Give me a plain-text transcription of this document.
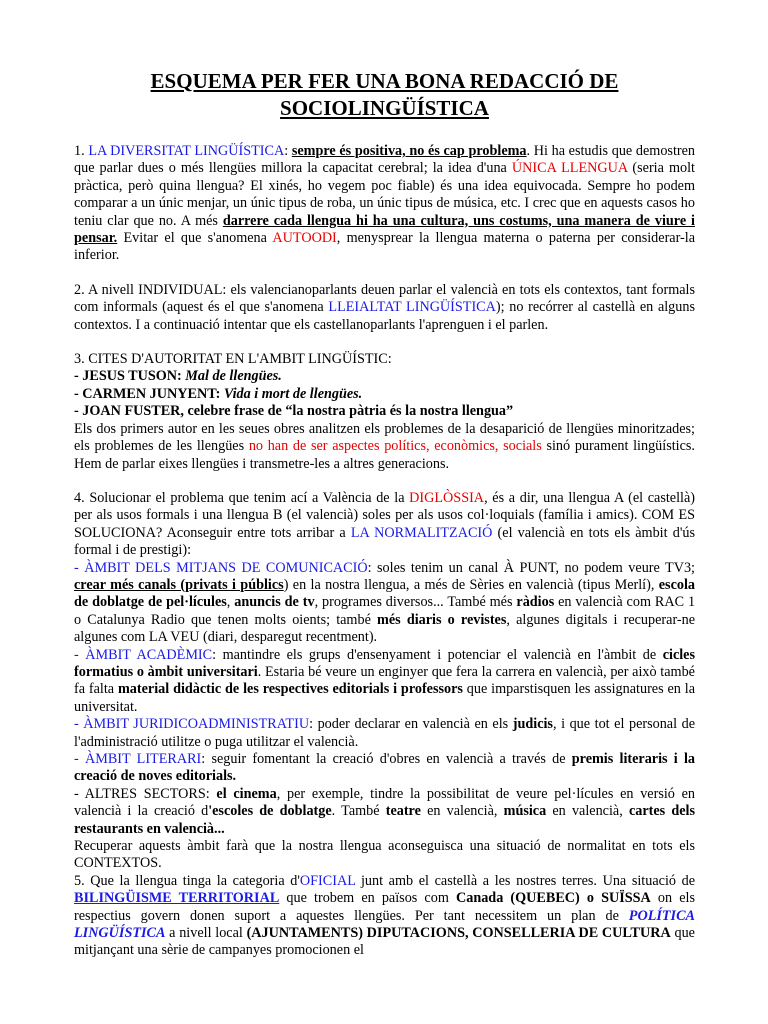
ESQUEMA PER FER UNA BONA REDACCIÓ DE
SOCIOLINGÜÍSTICA

1. LA DIVERSITAT LINGÜÍSTICA: sempre és positiva, no és cap problema. Hi ha estudis que demostren que parlar dues o més llengües millora la capacitat cerebral; la idea d'una ÚNICA LLENGUA (seria molt pràctica, però quina llengua? El xinés, ho vegem poc fiable) és una idea equivocada. Sempre ho podem comparar a un únic menjar, un únic tipus de roba, un únic tipus de música, etc. I crec que en aquests casos ho teniu clar que no. A més darrere cada llengua hi ha una cultura, uns costums, una manera de viure i pensar. Evitar el que s'anomena AUTOODI, menysprear la llengua materna o paterna per considerar-la inferior.

2. A nivell INDIVIDUAL: els valencianoparlants deuen parlar el valencià en tots els contextos, tant formals com informals (aquest és el que s'anomena LLEIALTAT LINGÜÍSTICA); no recórrer al castellà en alguns contextos. I a continuació intentar que els castellanoparlants l'aprenguen i el parlen.

3. CITES D'AUTORITAT EN L'AMBIT LINGÜÍSTIC:

- JESUS TUSON: Mal de llengües.

- CARMEN JUNYENT: Vida i mort de llengües.

- JOAN FUSTER, celebre frase de “la nostra pàtria és la nostra llengua”

Els dos primers autor en les seues obres analitzen els problemes de la desaparició de llengües minoritzades; els problemes de les llengües no han de ser aspectes polítics, econòmics, socials sinó purament lingüístics. Hem de parlar eixes llengües i transmetre-les a altres generacions.

4. Solucionar el problema que tenim ací a València de la DIGLÒSSIA, és a dir, una llengua A (el castellà) per als usos formals i una llengua B (el valencià) soles per als usos col·loquials (família i amics). COM ES SOLUCIONA? Aconseguir entre tots arribar a LA NORMALITZACIÓ (el valencià en tots els àmbit d'ús formal i de prestigi):

- ÀMBIT DELS MITJANS DE COMUNICACIÓ: soles tenim un canal À PUNT, no podem veure TV3; crear més canals (privats i públics) en la nostra llengua, a més de Sèries en valencià (tipus Merlí), escola de doblatge de pel·lícules, anuncis de tv, programes diversos... També més ràdios en valencià com RAC 1 o Catalunya Radio que tenen molts oients; també més diaris o revistes, algunes digitals i recuperar-ne algunes com LA VEU (diari, desparegut recentment).

- ÀMBIT ACADÈMIC: mantindre els grups d'ensenyament i potenciar el valencià en l'àmbit de cicles formatius o àmbit universitari. Estaria bé veure un enginyer que fera la carrera en valencià, per això també fa falta material didàctic de les respectives editorials i professors que imparstisquen les assignatures en la universitat.

- ÀMBIT JURIDICOADMINISTRATIU: poder declarar en valencià en els judicis, i que tot el personal de l'administració utilitze o puga utilitzar el valencià.

- ÀMBIT LITERARI: seguir fomentant la creació d'obres en valencià a través de premis literaris i la creació de noves editorials.

- ALTRES SECTORS: el cinema, per exemple, tindre la possibilitat de veure pel·lícules en versió en valencià i la creació d'escoles de doblatge. També teatre en valencià, música en valencià, cartes dels restaurants en valencià...

Recuperar aquests àmbit farà que la nostra llengua aconseguisca una situació de normalitat en tots els CONTEXTOS.

5. Que la llengua tinga la categoria d'OFICIAL junt amb el castellà a les nostres terres. Una situació de BILINGÜISME TERRITORIAL que trobem en països com Canada (QUEBEC) o SUÏSSA on els respectius govern donen suport a aquestes llengües. Per tant necessitem un plan de POLÍTICA LINGÜÍSTICA a nivell local (AJUNTAMENTS) DIPUTACIONS, CONSELLERIA DE CULTURA que mitjançant una sèrie de campanyes promocionen el
